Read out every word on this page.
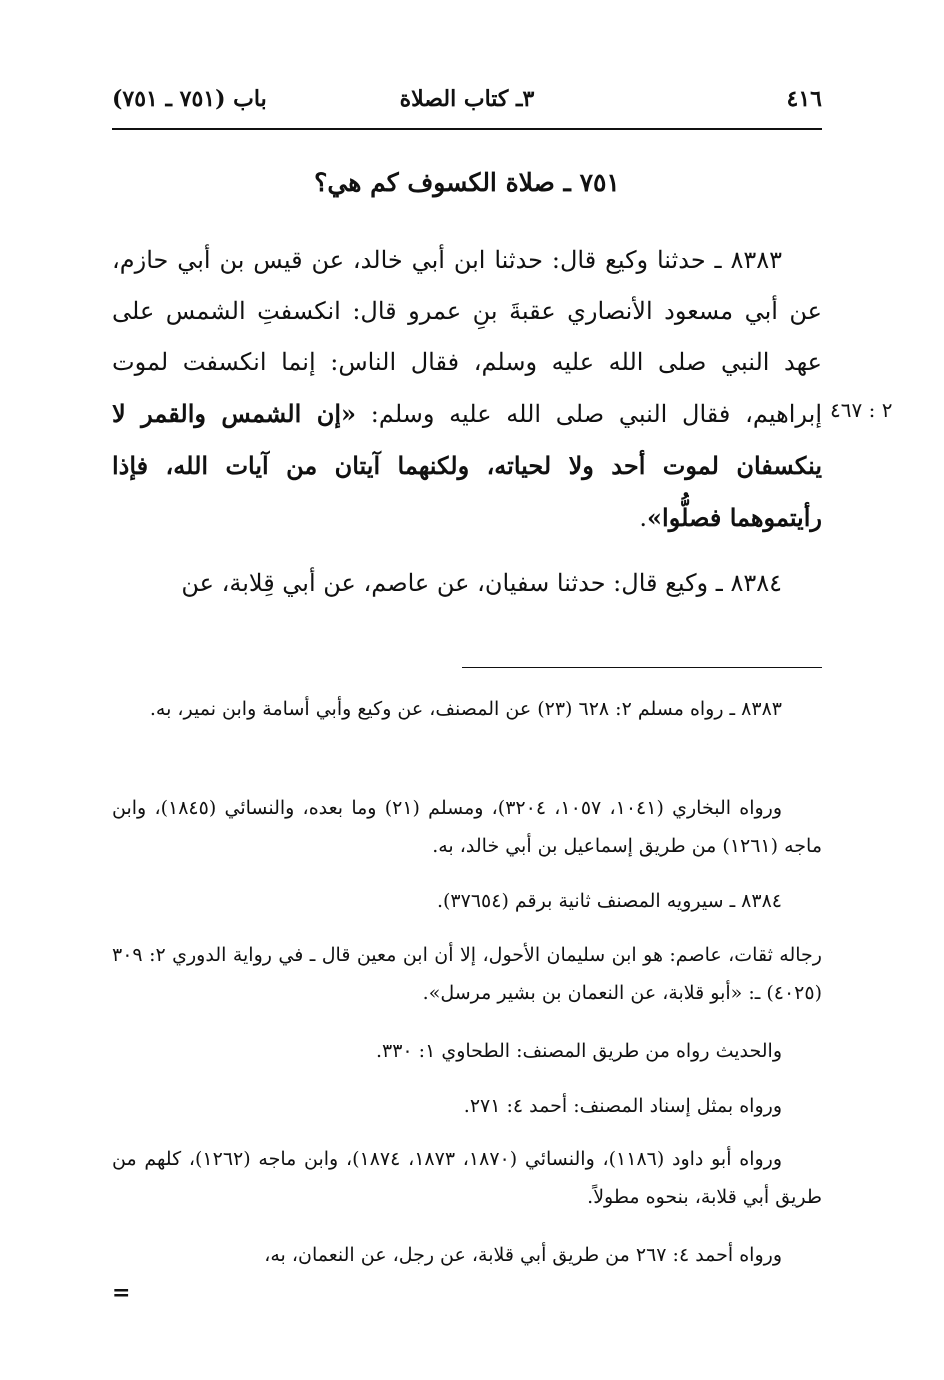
٤١٦
٣ـ كتاب الصلاة
باب (٧٥١ ـ ٧٥١)
٧٥١ ـ صلاة الكسوف كم هي؟
٨٣٨٣ ـ حدثنا وكيع قال: حدثنا ابن أبي خالد، عن قيس بن أبي حازم، عن أبي مسعود الأنصاري عقبةَ بنِ عمرو قال: انكسفتِ الشمس على عهد النبي صلى الله عليه وسلم، فقال الناس: إنما انكسفت لموت إبراهيم، فقال النبي صلى الله عليه وسلم: «إن الشمس والقمر لا ينكسفان لموت أحد ولا لحياته، ولكنهما آيتان من آيات الله، فإذا رأيتموهما فصلُّوا».
٢ : ٤٦٧
٨٣٨٤ ـ وكيع قال: حدثنا سفيان، عن عاصم، عن أبي قِلابة، عن
٨٣٨٣ ـ رواه مسلم ٢: ٦٢٨ (٢٣) عن المصنف، عن وكيع وأبي أسامة وابن نمير، به.
ورواه البخاري (١٠٤١، ١٠٥٧، ٣٢٠٤)، ومسلم (٢١) وما بعده، والنسائي (١٨٤٥)، وابن ماجه (١٢٦١) من طريق إسماعيل بن أبي خالد، به.
٨٣٨٤ ـ سيرويه المصنف ثانية برقم (٣٧٦٥٤).
رجاله ثقات، عاصم: هو ابن سليمان الأحول، إلا أن ابن معين قال ـ في رواية الدوري ٢: ٣٠٩ (٤٠٢٥) ـ: «أبو قلابة، عن النعمان بن بشير مرسل».
والحديث رواه من طريق المصنف: الطحاوي ١: ٣٣٠.
ورواه بمثل إسناد المصنف: أحمد ٤: ٢٧١.
ورواه أبو داود (١١٨٦)، والنسائي (١٨٧٠، ١٨٧٣، ١٨٧٤)، وابن ماجه (١٢٦٢)، كلهم من طريق أبي قلابة، بنحوه مطولاً.
ورواه أحمد ٤: ٢٦٧ من طريق أبي قلابة، عن رجل، عن النعمان، به،
=
